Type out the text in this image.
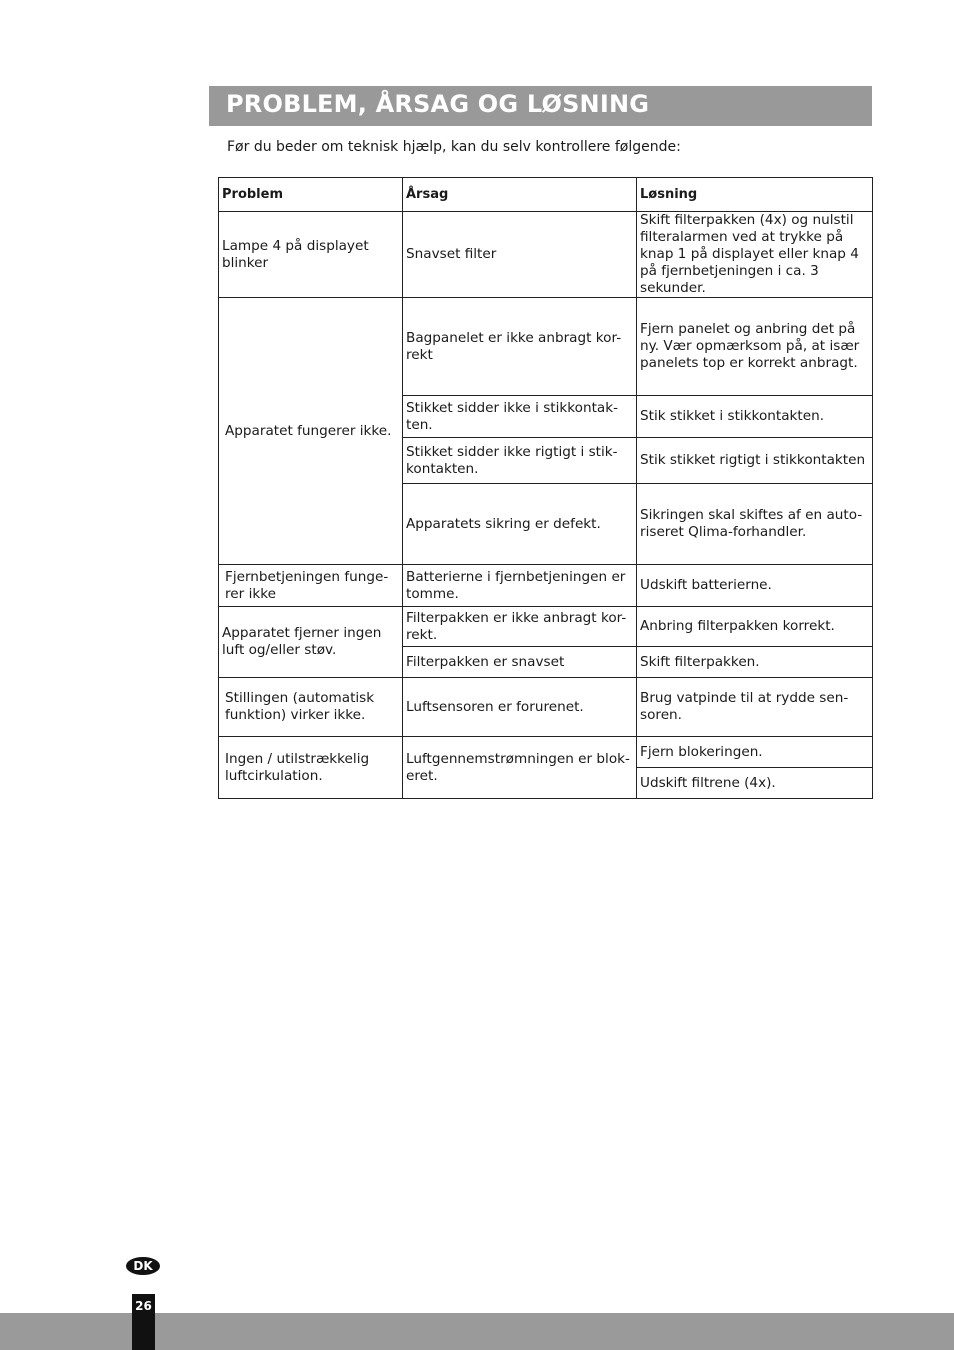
PROBLEM, ÅRSAG OG LØSNING
Før du beder om teknisk hjælp, kan du selv kontrollere følgende:
Problem	Årsag	Løsning
Lampe 4 på displayet blinker	Snavset filter	Skift filterpakken (4x) og nulstil filteralarmen ved at trykke på knap 1 på displayet eller knap 4 på fjernbetjeningen i ca. 3 sekunder.
Apparatet fungerer ikke.	Bagpanelet er ikke anbragt kor- rekt	Fjern panelet og anbring det på ny. Vær opmærksom på, at især panelets top er korrekt anbragt.
	Stikket sidder ikke i stikkontak- ten.	Stik stikket i stikkontakten.
	Stikket sidder ikke rigtigt i stik- kontakten.	Stik stikket rigtigt i stikkontakten
	Apparatets sikring er defekt.	Sikringen skal skiftes af en auto- riseret Qlima-forhandler.
Fjernbetjeningen funge- rer ikke	Batterierne i fjernbetjeningen er tomme.	Udskift batterierne.
Apparatet fjerner ingen luft og/eller støv.	Filterpakken er ikke anbragt kor- rekt.	Anbring filterpakken korrekt.
	Filterpakken er snavset	Skift filterpakken.
Stillingen (automatisk funktion) virker ikke.	Luftsensoren er forurenet.	Brug vatpinde til at rydde sen- soren.
Ingen / utilstrækkelig luftcirkulation.	Luftgennemstrømningen er blok- eret.	Fjern blokeringen.
		Udskift filtrene (4x).
DK
26
